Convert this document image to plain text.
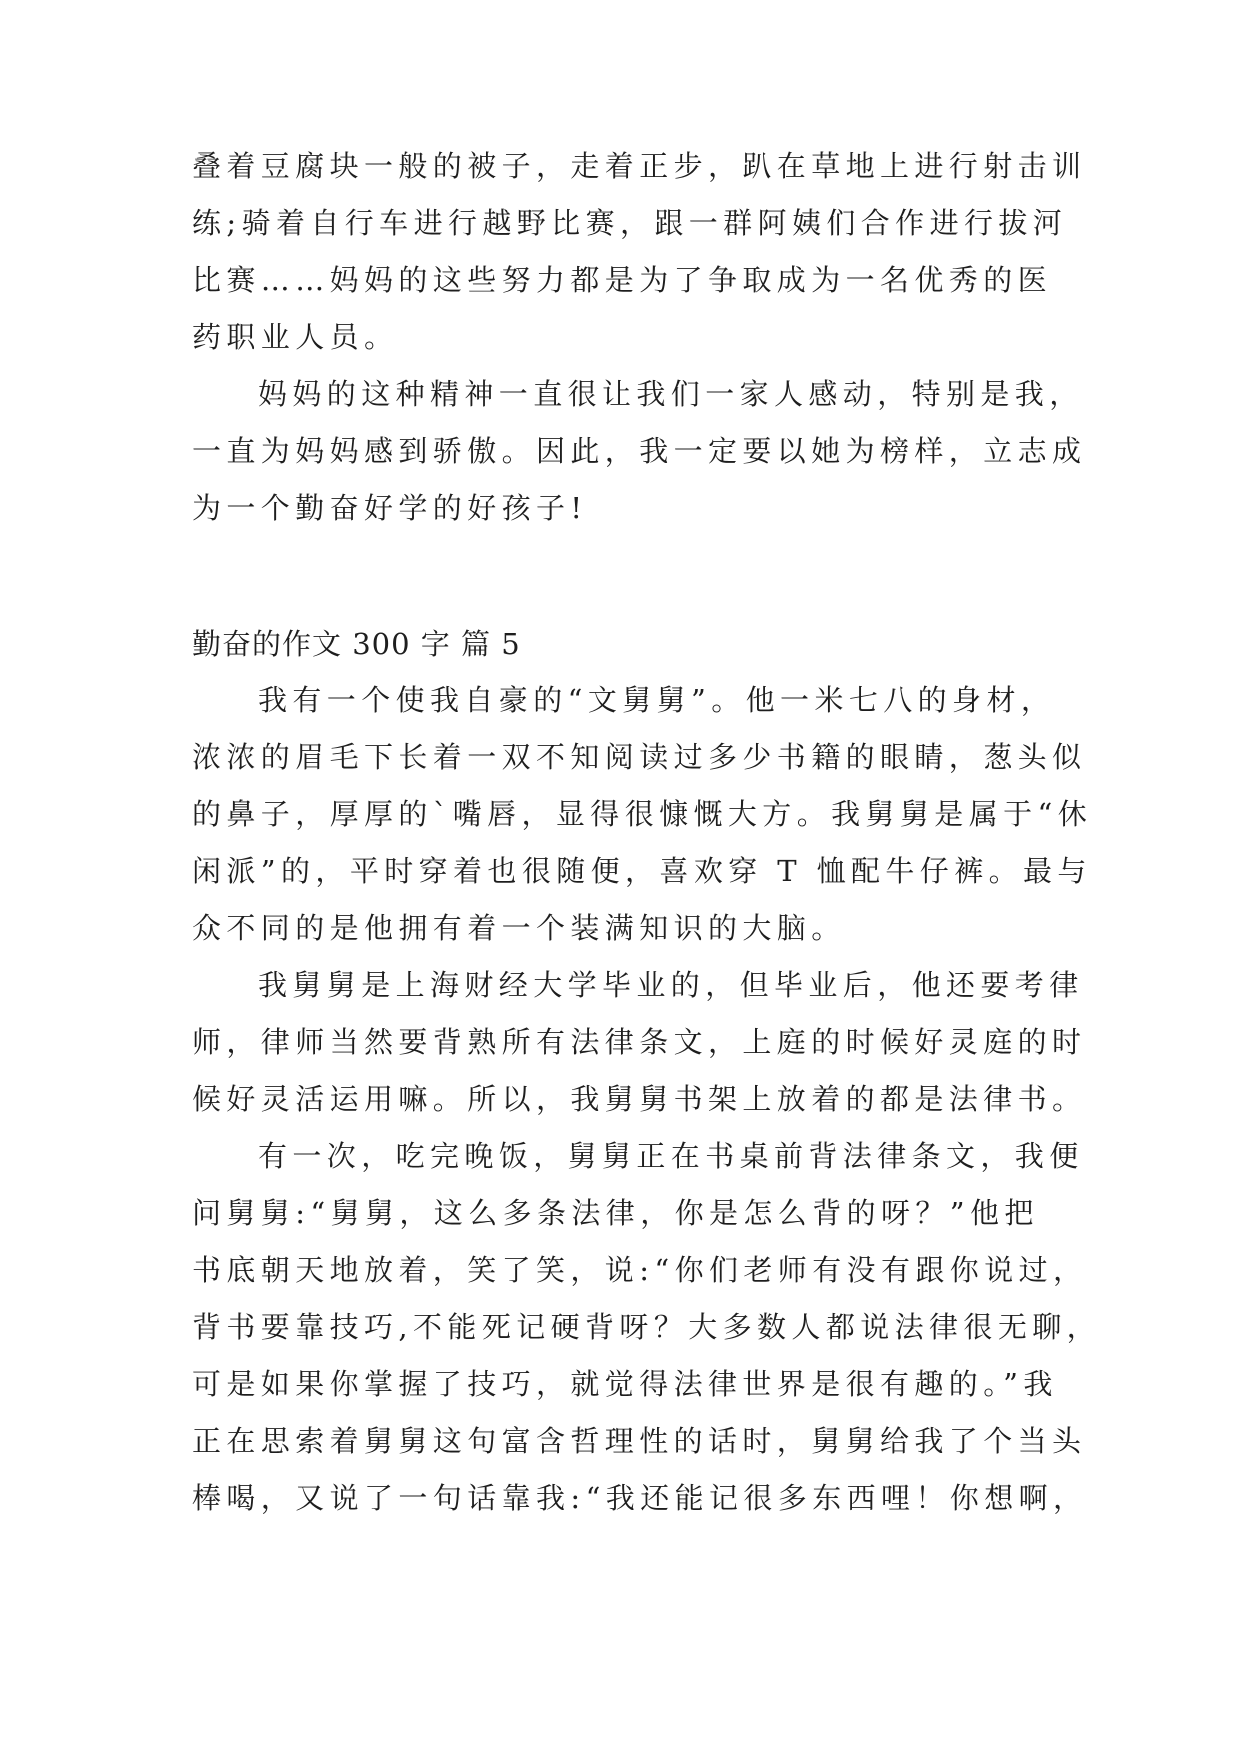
叠着豆腐块一般的被子，走着正步，趴在草地上进行射击训
练;骑着自行车进行越野比赛，跟一群阿姨们合作进行拔河
比赛……妈妈的这些努力都是为了争取成为一名优秀的医
药职业人员。
妈妈的这种精神一直很让我们一家人感动，特别是我，
一直为妈妈感到骄傲。因此，我一定要以她为榜样，立志成
为一个勤奋好学的好孩子!
勤奋的作文 300 字 篇 5
我有一个使我自豪的“文舅舅”。他一米七八的身材，
浓浓的眉毛下长着一双不知阅读过多少书籍的眼睛，葱头似
的鼻子，厚厚的`嘴唇，显得很慷慨大方。我舅舅是属于“休
闲派”的，平时穿着也很随便，喜欢穿 T 恤配牛仔裤。最与
众不同的是他拥有着一个装满知识的大脑。
我舅舅是上海财经大学毕业的，但毕业后，他还要考律
师，律师当然要背熟所有法律条文，上庭的时候好灵庭的时
候好灵活运用嘛。所以，我舅舅书架上放着的都是法律书。
有一次，吃完晚饭，舅舅正在书桌前背法律条文，我便
问舅舅:“舅舅，这么多条法律，你是怎么背的呀？”他把
书底朝天地放着，笑了笑，说:“你们老师有没有跟你说过，
背书要靠技巧,不能死记硬背呀？大多数人都说法律很无聊，
可是如果你掌握了技巧，就觉得法律世界是很有趣的。”我
正在思索着舅舅这句富含哲理性的话时，舅舅给我了个当头
棒喝，又说了一句话靠我:“我还能记很多东西哩！你想啊，
